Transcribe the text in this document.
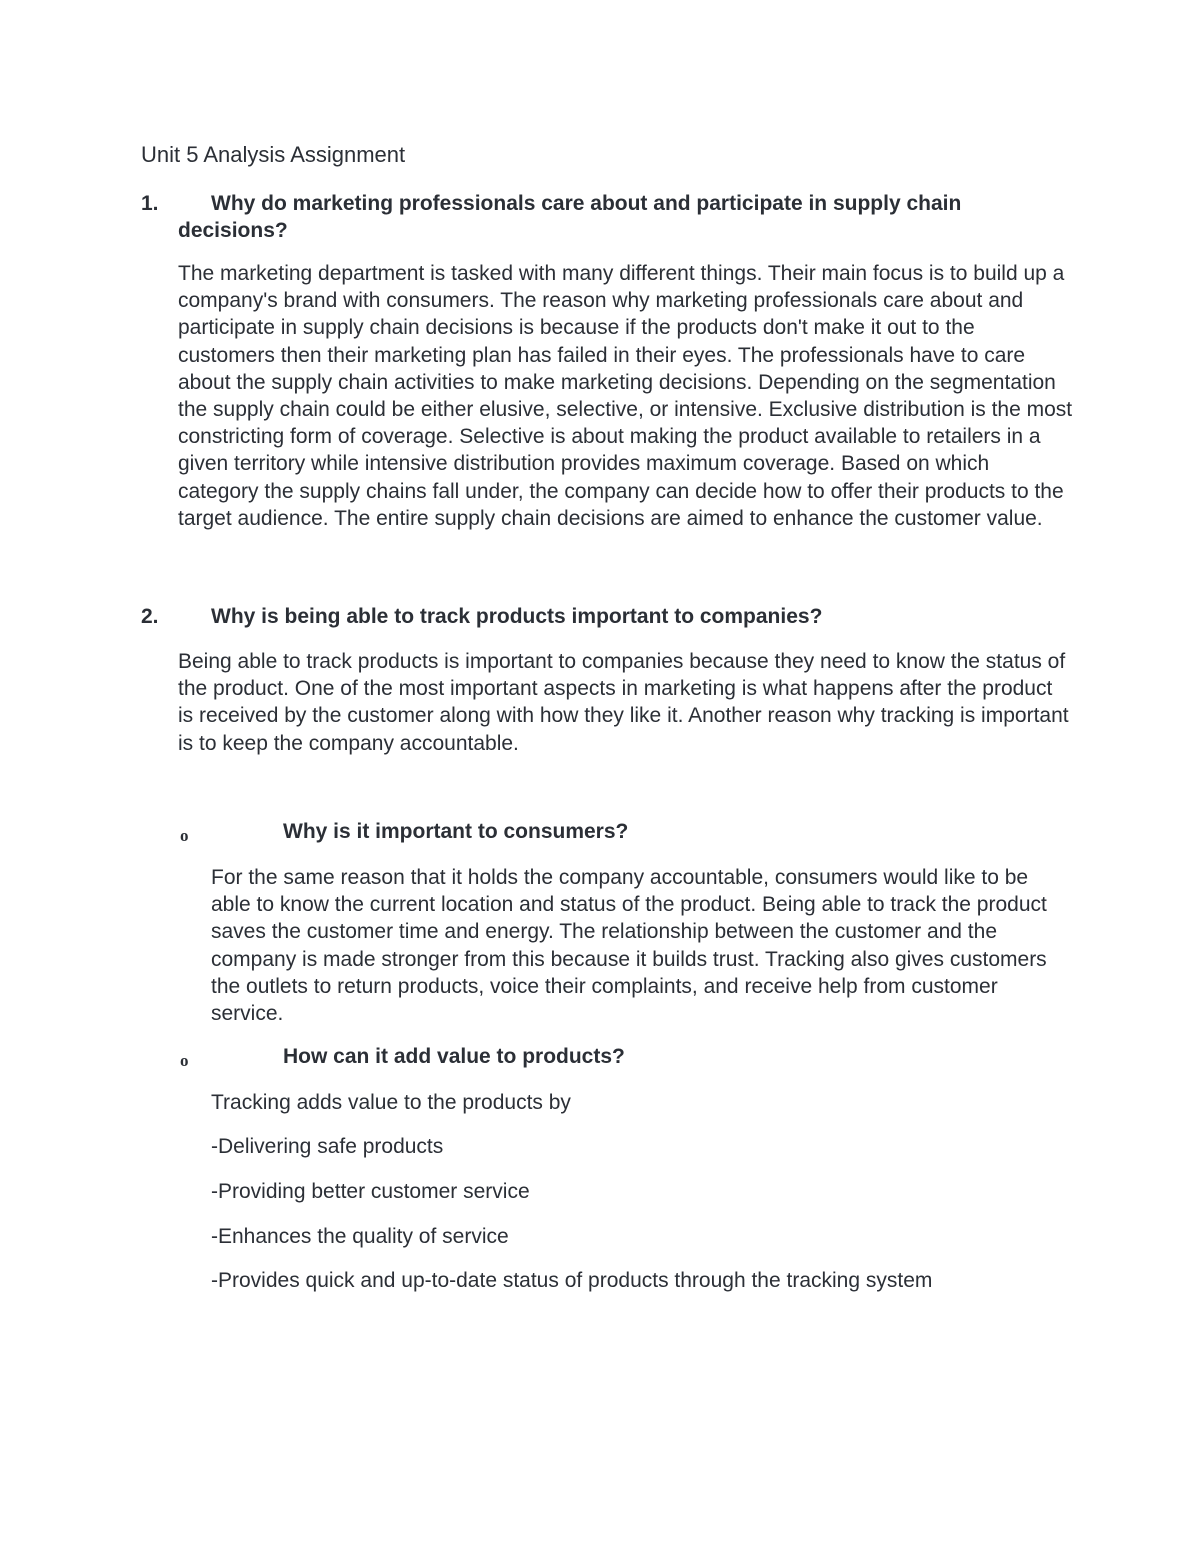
Unit 5 Analysis Assignment
1.	Why do marketing professionals care about and participate in supply chain decisions?

The marketing department is tasked with many different things. Their main focus is to build up a company's brand with consumers. The reason why marketing professionals care about and participate in supply chain decisions is because if the products don't make it out to the customers then their marketing plan has failed in their eyes. The professionals have to care about the supply chain activities to make marketing decisions. Depending on the segmentation the supply chain could be either elusive, selective, or intensive. Exclusive distribution is the most constricting form of coverage. Selective is about making the product available to retailers in a given territory while intensive distribution provides maximum coverage. Based on which category the supply chains fall under, the company can decide how to offer their products to the target audience. The entire supply chain decisions are aimed to enhance the customer value.

2.	Why is being able to track products important to companies?

Being able to track products is important to companies because they need to know the status of the product. One of the most important aspects in marketing is what happens after the product is received by the customer along with how they like it. Another reason why tracking is important is to keep the company accountable.

o	Why is it important to consumers?

For the same reason that it holds the company accountable, consumers would like to be able to know the current location and status of the product. Being able to track the product saves the customer time and energy. The relationship between the customer and the company is made stronger from this because it builds trust. Tracking also gives customers the outlets to return products, voice their complaints, and receive help from customer service.

o	How can it add value to products?

Tracking adds value to the products by

-Delivering safe products

-Providing better customer service

-Enhances the quality of service

-Provides quick and up-to-date status of products through the tracking system
